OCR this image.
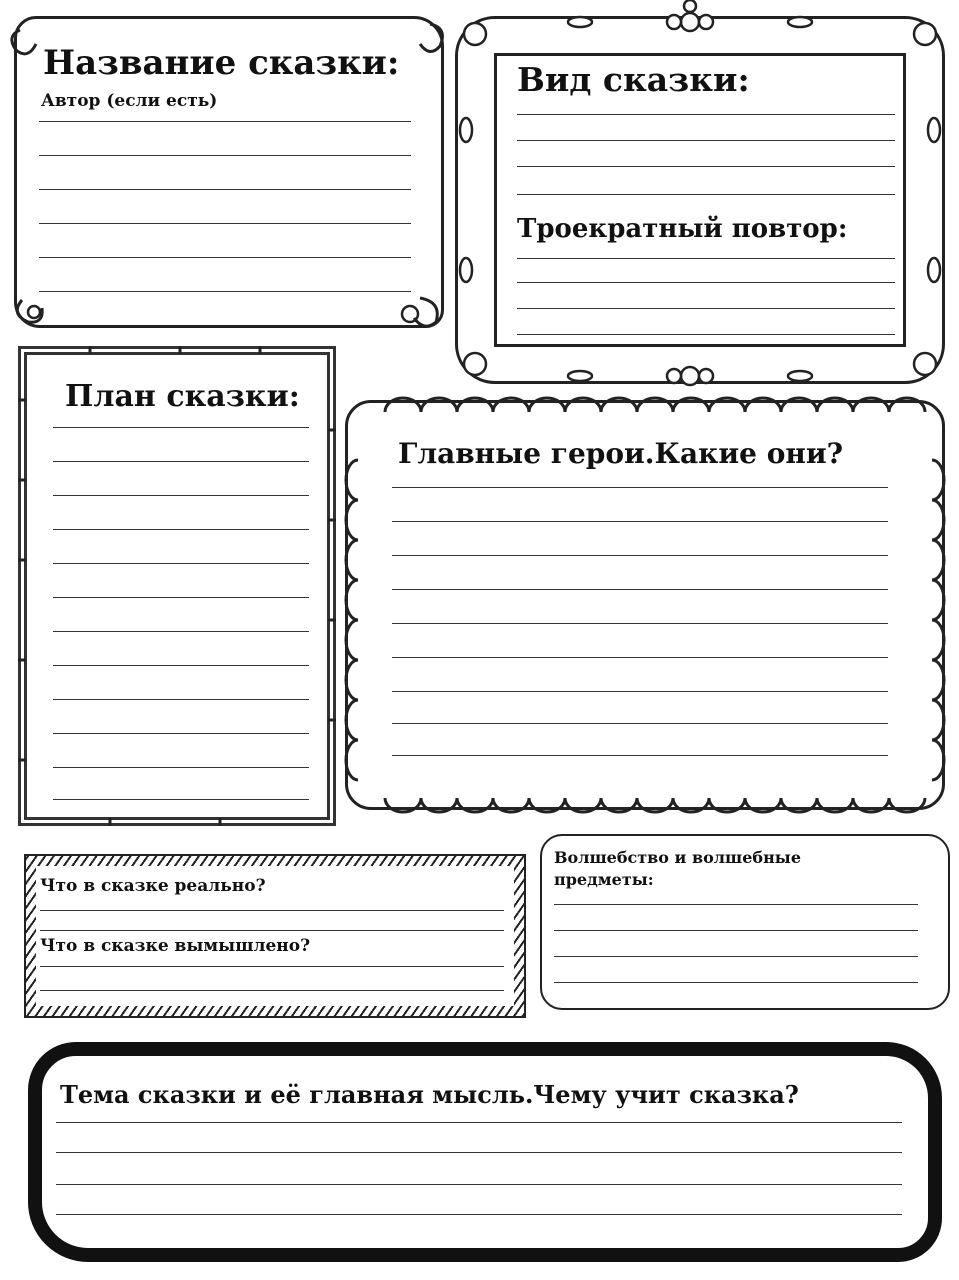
Название сказки:
Автор (если есть)
Вид сказки:
Троекратный повтор:
План сказки:
Главные герои.Какие они?
Что в сказке реально?
Что в сказке вымышлено?
Волшебство и волшебные
предметы:
Тема сказки и её главная мысль.Чему учит сказка?
